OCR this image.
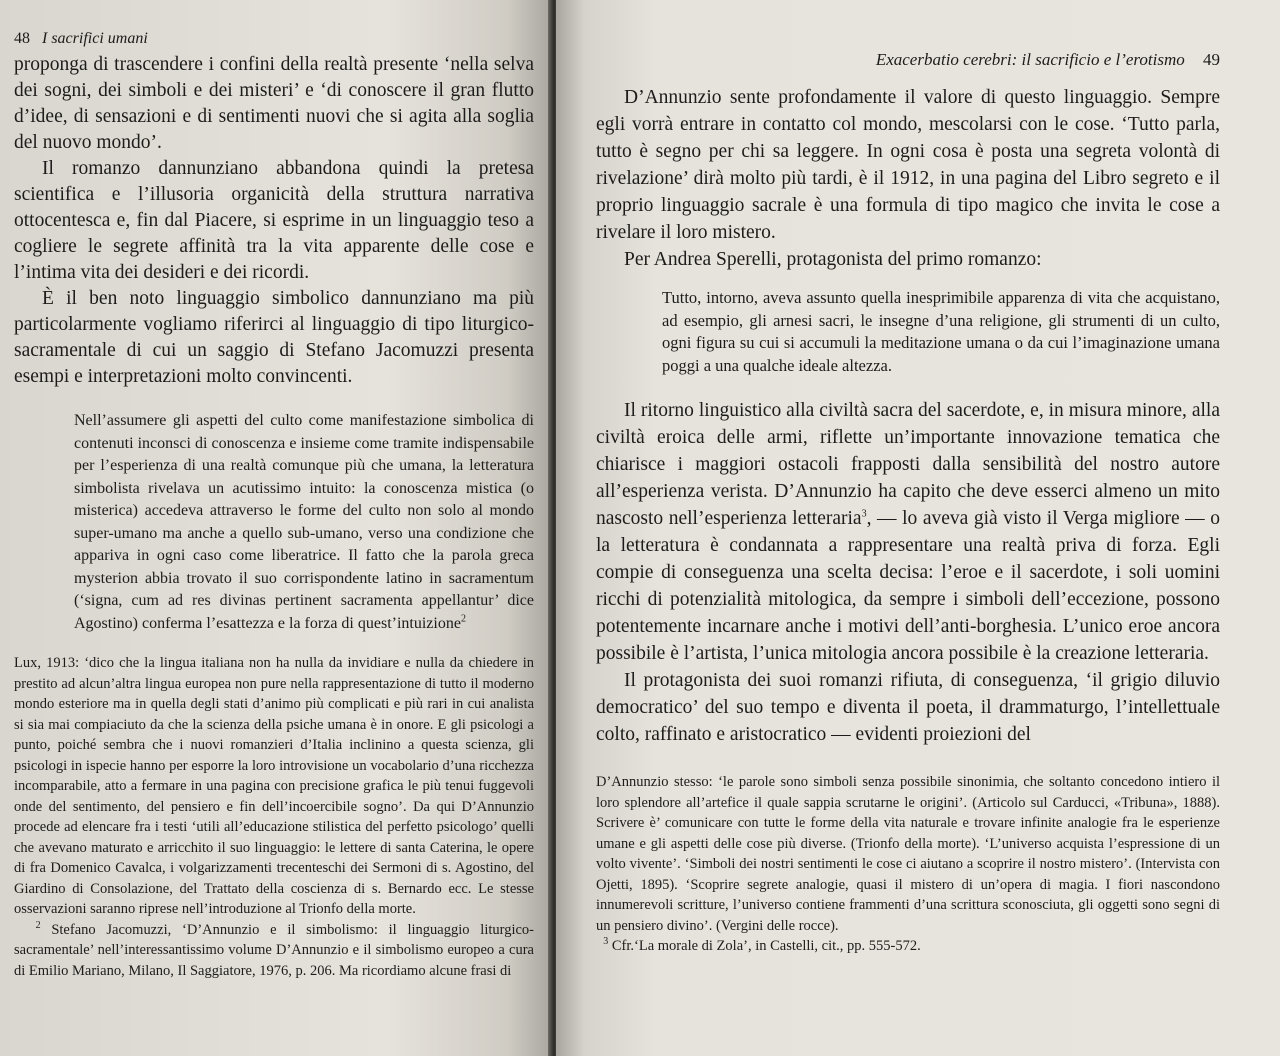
48 I sacrifici umani

proponga di trascendere i confini della realtà presente ‘nella selva dei sogni, dei simboli e dei misteri’ e ‘di conoscere il gran flutto d’idee, di sensazioni e di sentimenti nuovi che si agita alla soglia del nuovo mondo’.

Il romanzo dannunziano abbandona quindi la pretesa scientifica e l’illusoria organicità della struttura narrativa ottocentesca e, fin dal Piacere, si esprime in un linguaggio teso a cogliere le segrete affinità tra la vita apparente delle cose e l’intima vita dei desideri e dei ricordi.

È il ben noto linguaggio simbolico dannunziano ma più particolarmente vogliamo riferirci al linguaggio di tipo liturgico-sacramentale di cui un saggio di Stefano Jacomuzzi presenta esempi e interpretazioni molto convincenti.

Nell’assumere gli aspetti del culto come manifestazione simbolica di contenuti inconsci di conoscenza e insieme come tramite indispensabile per l’esperienza di una realtà comunque più che umana, la letteratura simbolista rivelava un acutissimo intuito: la conoscenza mistica (o misterica) accedeva attraverso le forme del culto non solo al mondo super-umano ma anche a quello sub-umano, verso una condizione che appariva in ogni caso come liberatrice. Il fatto che la parola greca mysterion abbia trovato il suo corrispondente latino in sacramentum (‘signa, cum ad res divinas pertinent sacramenta appellantur’ dice Agostino) conferma l’esattezza e la forza di quest’intuizione$^2$

Lux, 1913: ‘dico che la lingua italiana non ha nulla da invidiare e nulla da chiedere in prestito ad alcun’altra lingua europea non pure nella rappresentazione di tutto il moderno mondo esteriore ma in quella degli stati d’animo più complicati e più rari in cui analista si sia mai compiaciuto da che la scienza della psiche umana è in onore. E gli psicologi a punto, poiché sembra che i nuovi romanzieri d’Italia inclinino a questa scienza, gli psicologi in ispecie hanno per esporre la loro introvisione un vocabolario d’una ricchezza incomparabile, atto a fermare in una pagina con precisione grafica le più tenui fuggevoli onde del sentimento, del pensiero e fin dell’incoercibile sogno’. Da qui D’Annunzio procede ad elencare fra i testi ‘utili all’educazione stilistica del perfetto psicologo’ quelli che avevano maturato e arricchito il suo linguaggio: le lettere di santa Caterina, le opere di fra Domenico Cavalca, i volgarizzamenti trecenteschi dei Sermoni di s. Agostino, del Giardino di Consolazione, del Trattato della coscienza di s. Bernardo ecc. Le stesse osservazioni saranno riprese nell’introduzione al Trionfo della morte.

$^2$ Stefano Jacomuzzi, ‘D’Annunzio e il simbolismo: il linguaggio liturgico-sacramentale’ nell’interessantissimo volume D’Annunzio e il simbolismo europeo a cura di Emilio Mariano, Milano, Il Saggiatore, 1976, p. 206. Ma ricordiamo alcune frasi di

Exacerbatio cerebri: il sacrificio e l’erotismo 49

D’Annunzio sente profondamente il valore di questo linguaggio. Sempre egli vorrà entrare in contatto col mondo, mescolarsi con le cose. ‘Tutto parla, tutto è segno per chi sa leggere. In ogni cosa è posta una segreta volontà di rivelazione’ dirà molto più tardi, è il 1912, in una pagina del Libro segreto e il proprio linguaggio sacrale è una formula di tipo magico che invita le cose a rivelare il loro mistero.

Per Andrea Sperelli, protagonista del primo romanzo:

Tutto, intorno, aveva assunto quella inesprimibile apparenza di vita che acquistano, ad esempio, gli arnesi sacri, le insegne d’una religione, gli strumenti di un culto, ogni figura su cui si accumuli la meditazione umana o da cui l’imaginazione umana poggi a una qualche ideale altezza.

Il ritorno linguistico alla civiltà sacra del sacerdote, e, in misura minore, alla civiltà eroica delle armi, riflette un’importante innovazione tematica che chiarisce i maggiori ostacoli frapposti dalla sensibilità del nostro autore all’esperienza verista. D’Annunzio ha capito che deve esserci almeno un mito nascosto nell’esperienza letteraria$^3$, — lo aveva già visto il Verga migliore — o la letteratura è condannata a rappresentare una realtà priva di forza. Egli compie di conseguenza una scelta decisa: l’eroe e il sacerdote, i soli uomini ricchi di potenzialità mitologica, da sempre i simboli dell’eccezione, possono potentemente incarnare anche i motivi dell’anti-borghesia. L’unico eroe ancora possibile è l’artista, l’unica mitologia ancora possibile è la creazione letteraria.

Il protagonista dei suoi romanzi rifiuta, di conseguenza, ‘il grigio diluvio democratico’ del suo tempo e diventa il poeta, il drammaturgo, l’intellettuale colto, raffinato e aristocratico — evidenti proiezioni del

D’Annunzio stesso: ‘le parole sono simboli senza possibile sinonimia, che soltanto concedono intiero il loro splendore all’artefice il quale sappia scrutarne le origini’. (Articolo sul Carducci, «Tribuna», 1888). Scrivere è’ comunicare con tutte le forme della vita naturale e trovare infinite analogie fra le esperienze umane e gli aspetti delle cose più diverse. (Trionfo della morte). ‘L’universo acquista l’espressione di un volto vivente’. ‘Simboli dei nostri sentimenti le cose ci aiutano a scoprire il nostro mistero’. (Intervista con Ojetti, 1895). ‘Scoprire segrete analogie, quasi il mistero di un’opera di magia. I fiori nascondono innumerevoli scritture, l’universo contiene frammenti d’una scrittura sconosciuta, gli oggetti sono segni di un pensiero divino’. (Vergini delle rocce).

$^3$ Cfr.‘La morale di Zola’, in Castelli, cit., pp. 555-572.
